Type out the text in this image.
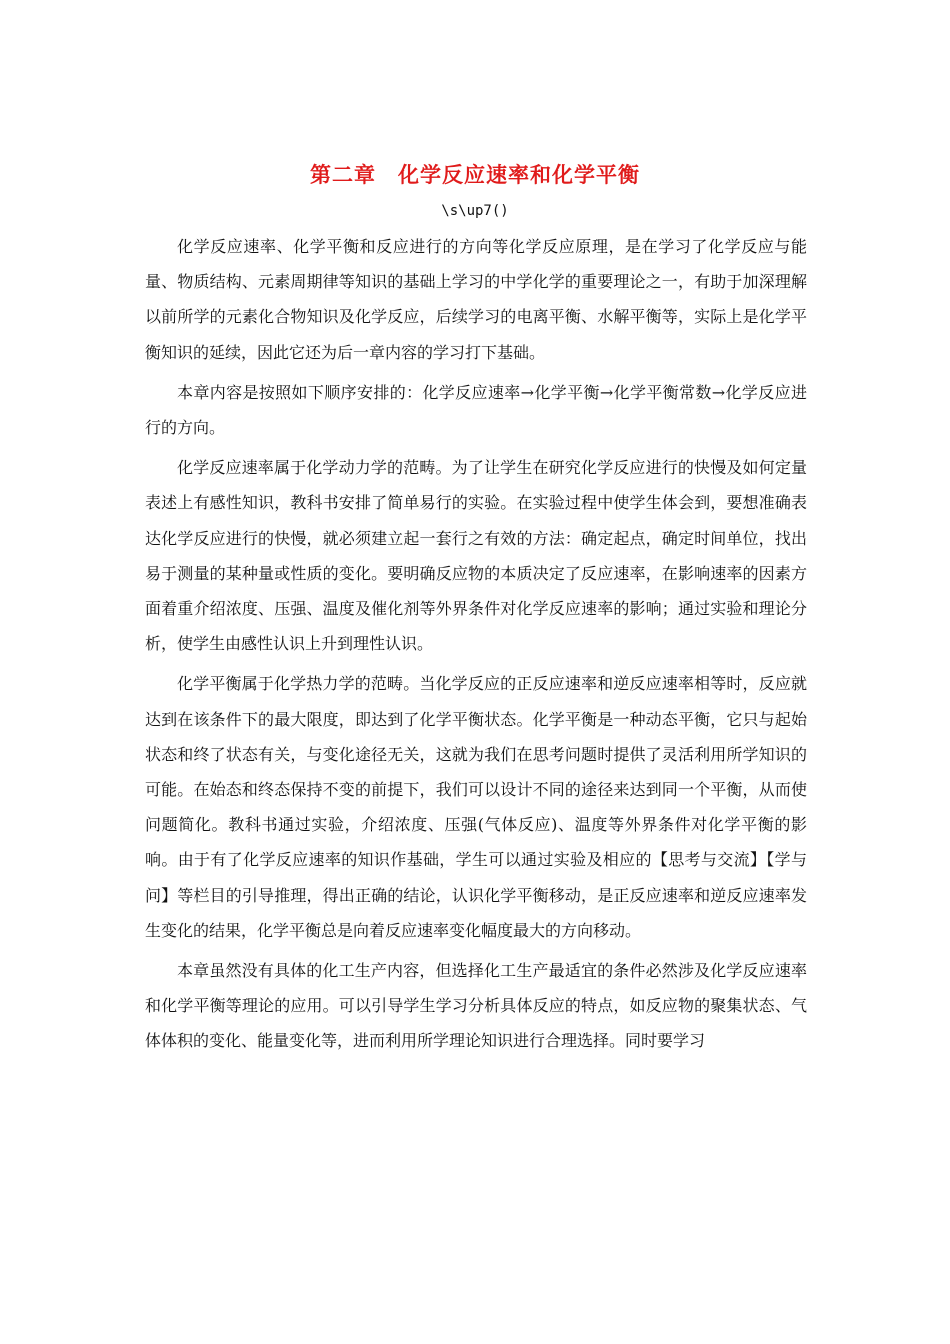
第二章　化学反应速率和化学平衡
\s\up7()

化学反应速率、化学平衡和反应进行的方向等化学反应原理，是在学习了化学反应与能量、物质结构、元素周期律等知识的基础上学习的中学化学的重要理论之一，有助于加深理解以前所学的元素化合物知识及化学反应，后续学习的电离平衡、水解平衡等，实际上是化学平衡知识的延续，因此它还为后一章内容的学习打下基础。

本章内容是按照如下顺序安排的：化学反应速率→化学平衡→化学平衡常数→化学反应进行的方向。

化学反应速率属于化学动力学的范畴。为了让学生在研究化学反应进行的快慢及如何定量表述上有感性知识，教科书安排了简单易行的实验。在实验过程中使学生体会到，要想准确表达化学反应进行的快慢，就必须建立起一套行之有效的方法：确定起点，确定时间单位，找出易于测量的某种量或性质的变化。要明确反应物的本质决定了反应速率，在影响速率的因素方面着重介绍浓度、压强、温度及催化剂等外界条件对化学反应速率的影响；通过实验和理论分析，使学生由感性认识上升到理性认识。

化学平衡属于化学热力学的范畴。当化学反应的正反应速率和逆反应速率相等时，反应就达到在该条件下的最大限度，即达到了化学平衡状态。化学平衡是一种动态平衡，它只与起始状态和终了状态有关，与变化途径无关，这就为我们在思考问题时提供了灵活利用所学知识的可能。在始态和终态保持不变的前提下，我们可以设计不同的途径来达到同一个平衡，从而使问题简化。教科书通过实验，介绍浓度、压强(气体反应)、温度等外界条件对化学平衡的影响。由于有了化学反应速率的知识作基础，学生可以通过实验及相应的【思考与交流】【学与问】等栏目的引导推理，得出正确的结论，认识化学平衡移动，是正反应速率和逆反应速率发生变化的结果，化学平衡总是向着反应速率变化幅度最大的方向移动。

本章虽然没有具体的化工生产内容，但选择化工生产最适宜的条件必然涉及化学反应速率和化学平衡等理论的应用。可以引导学生学习分析具体反应的特点，如反应物的聚集状态、气体体积的变化、能量变化等，进而利用所学理论知识进行合理选择。同时要学习
